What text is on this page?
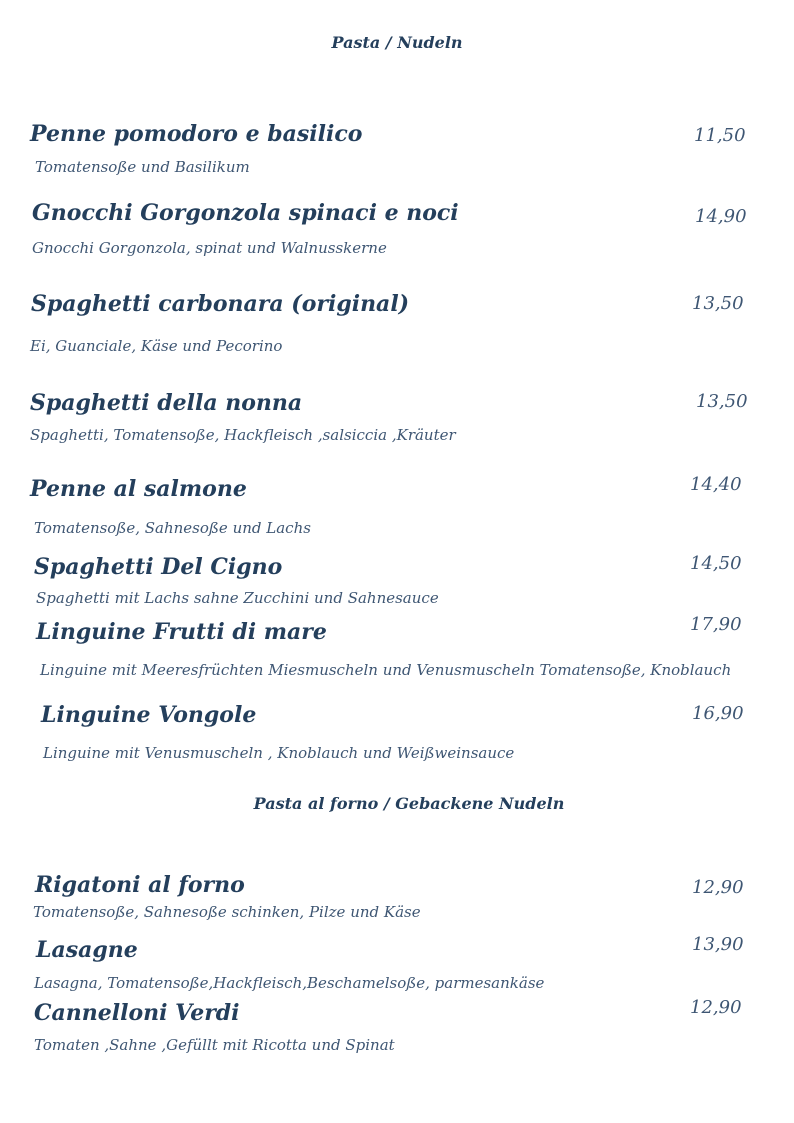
Pasta / Nudeln
Penne pomodoro e basilico	11,50
Tomatensoße und Basilikum
Gnocchi Gorgonzola spinaci e noci	14,90
Gnocchi Gorgonzola, spinat und Walnusskerne
Spaghetti carbonara (original)	13,50
Ei, Guanciale, Käse und Pecorino
Spaghetti della nonna	13,50
Spaghetti, Tomatensoße, Hackfleisch ,salsiccia ,Kräuter
Penne al salmone	14,40
Tomatensoße, Sahnesoße und Lachs
Spaghetti Del Cigno	14,50
Spaghetti mit Lachs sahne Zucchini und Sahnesauce
Linguine Frutti di mare	17,90
Linguine mit Meeresfrüchten Miesmuscheln und Venusmuscheln Tomatensoße, Knoblauch
Linguine Vongole	16,90
Linguine mit Venusmuscheln , Knoblauch und Weißweinsauce
Pasta al forno / Gebackene Nudeln
Rigatoni al forno	12,90
Tomatensoße, Sahnesoße schinken, Pilze und Käse
Lasagne	13,90
Lasagna, Tomatensoße,Hackfleisch,Beschamelsoße, parmesankäse
Cannelloni Verdi	12,90
Tomaten ,Sahne ,Gefüllt mit Ricotta und Spinat
